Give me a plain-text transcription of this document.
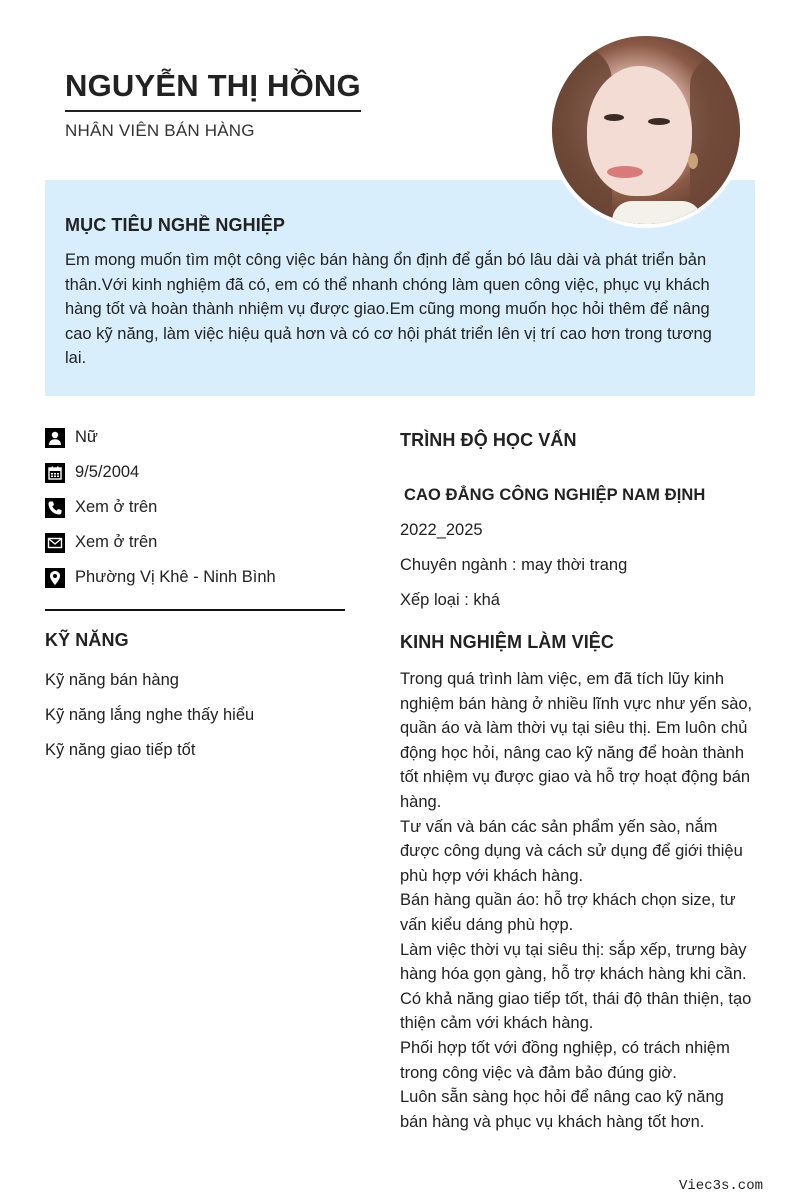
NGUYỄN THỊ HỒNG
NHÂN VIÊN BÁN HÀNG
MỤC TIÊU NGHỀ NGHIỆP
Em mong muốn tìm một công việc bán hàng ổn định để gắn bó lâu dài và phát triển bản thân.Với kinh nghiệm đã có, em có thể nhanh chóng làm quen công việc, phục vụ khách hàng tốt và hoàn thành nhiệm vụ được giao.Em cũng mong muốn học hỏi thêm để nâng cao kỹ năng, làm việc hiệu quả hơn và có cơ hội phát triển lên vị trí cao hơn trong tương lai.
Nữ
9/5/2004
Xem ở trên
Xem ở trên
Phường Vị Khê - Ninh Bình
KỸ NĂNG
Kỹ năng bán hàng
Kỹ năng lắng nghe thấy hiểu
Kỹ năng giao tiếp tốt
TRÌNH ĐỘ HỌC VẤN
CAO ĐẲNG CÔNG NGHIỆP NAM ĐỊNH
2022_2025
Chuyên ngành : may thời trang
Xếp loại : khá
KINH NGHIỆM LÀM VIỆC

Trong quá trình làm việc, em đã tích lũy kinh nghiệm bán hàng ở nhiều lĩnh vực như yến sào, quần áo và làm thời vụ tại siêu thị. Em luôn chủ động học hỏi, nâng cao kỹ năng để hoàn thành tốt nhiệm vụ được giao và hỗ trợ hoạt động bán hàng.

Tư vấn và bán các sản phẩm yến sào, nắm được công dụng và cách sử dụng để giới thiệu phù hợp với khách hàng.

Bán hàng quần áo: hỗ trợ khách chọn size, tư vấn kiểu dáng phù hợp.

Làm việc thời vụ tại siêu thị: sắp xếp, trưng bày hàng hóa gọn gàng, hỗ trợ khách hàng khi cần.

Có khả năng giao tiếp tốt, thái độ thân thiện, tạo thiện cảm với khách hàng.

Phối hợp tốt với đồng nghiệp, có trách nhiệm trong công việc và đảm bảo đúng giờ.

Luôn sẵn sàng học hỏi để nâng cao kỹ năng bán hàng và phục vụ khách hàng tốt hơn.

Viec3s.com
